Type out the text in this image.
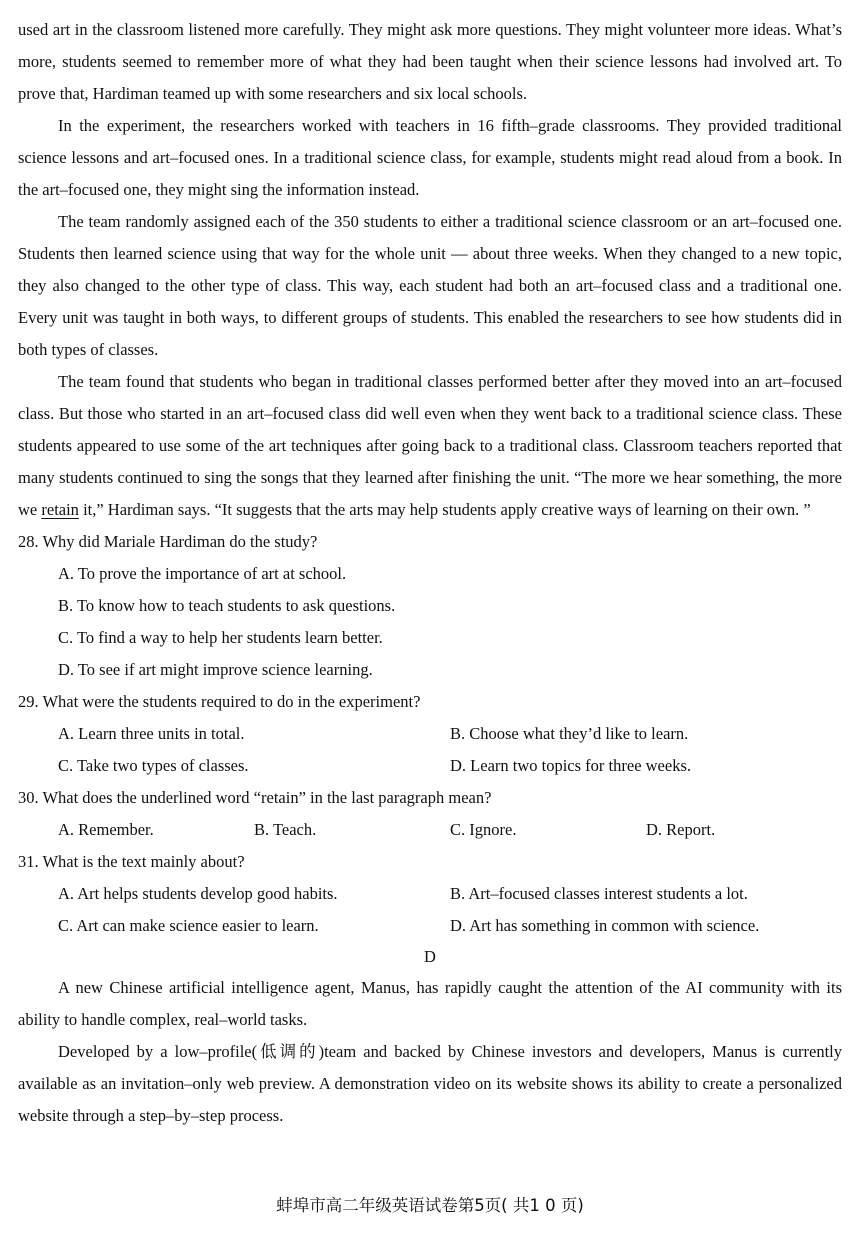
used art in the classroom listened more carefully. They might ask more questions. They might volunteer more ideas. What’s more, students seemed to remember more of what they had been taught when their science lessons had involved art. To prove that, Hardiman teamed up with some researchers and six local schools.

In the experiment, the researchers worked with teachers in 16 fifth–grade classrooms. They provided traditional science lessons and art–focused ones. In a traditional science class, for example, students might read aloud from a book. In the art–focused one, they might sing the information instead.

The team randomly assigned each of the 350 students to either a traditional science classroom or an art–focused one. Students then learned science using that way for the whole unit — about three weeks. When they changed to a new topic, they also changed to the other type of class. This way, each student had both an art–focused class and a traditional one. Every unit was taught in both ways, to different groups of students. This enabled the researchers to see how students did in both types of classes.

The team found that students who began in traditional classes performed better after they moved into an art–focused class. But those who started in an art–focused class did well even when they went back to a traditional science class. These students appeared to use some of the art techniques after going back to a traditional class. Classroom teachers reported that many students continued to sing the songs that they learned after finishing the unit. “The more we hear something, the more we retain it,” Hardiman says. “It suggests that the arts may help students apply creative ways of learning on their own. ”

28. Why did Mariale Hardiman do the study?

A. To prove the importance of art at school.

B. To know how to teach students to ask questions.

C. To find a way to help her students learn better.

D. To see if art might improve science learning.

29. What were the students required to do in the experiment?

A. Learn three units in total.	B. Choose what they’d like to learn.
C. Take two types of classes.	D. Learn two topics for three weeks.

30. What does the underlined word “retain” in the last paragraph mean?

A. Remember.	B. Teach.	C. Ignore.	D. Report.

31. What is the text mainly about?

A. Art helps students develop good habits.	B. Art–focused classes interest students a lot.
C. Art can make science easier to learn.	D. Art has something in common with science.
D

A new Chinese artificial intelligence agent, Manus, has rapidly caught the attention of the AI community with its ability to handle complex, real–world tasks.

Developed by a low–profile(低调的)team and backed by Chinese investors and developers, Manus is currently available as an invitation–only web preview. A demonstration video on its website shows its ability to create a personalized website through a step–by–step process.

蚌埠市高二年级英语试卷第5页( 共1 0 页)
